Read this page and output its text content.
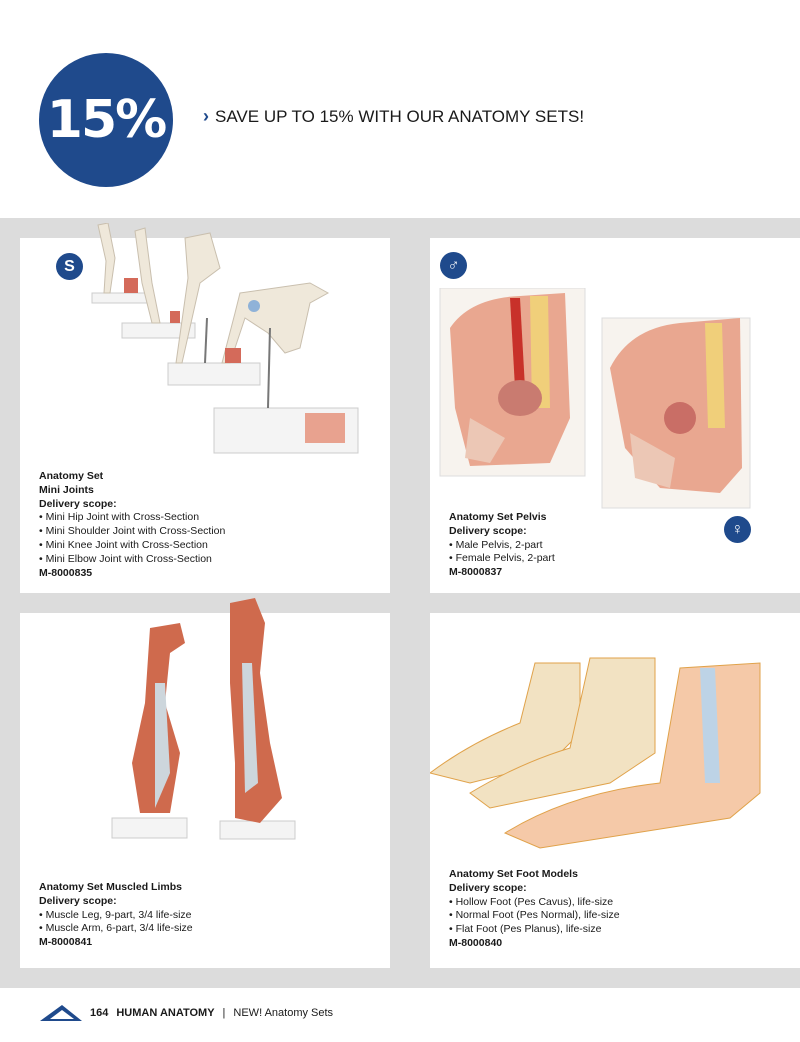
15%	› SAVE UP TO 15% WITH OUR ANATOMY SETS!
S
Anatomy Set
Mini Joints
Delivery scope:
• Mini Hip Joint with Cross-Section
• Mini Shoulder Joint with Cross-Section
• Mini Knee Joint with Cross-Section
• Mini Elbow Joint with Cross-Section
M-8000835
♂
♀
Anatomy Set Pelvis
Delivery scope:
• Male Pelvis, 2-part
• Female Pelvis, 2-part
M-8000837
Anatomy Set Muscled Limbs
Delivery scope:
• Muscle Leg, 9-part, 3/4 life-size
• Muscle Arm, 6-part, 3/4 life-size
M-8000841
Anatomy Set Foot Models
Delivery scope:
• Hollow Foot (Pes Cavus), life-size
• Normal Foot (Pes Normal), life-size
• Flat Foot (Pes Planus), life-size
M-8000840
164 HUMAN ANATOMY | NEW! Anatomy Sets
